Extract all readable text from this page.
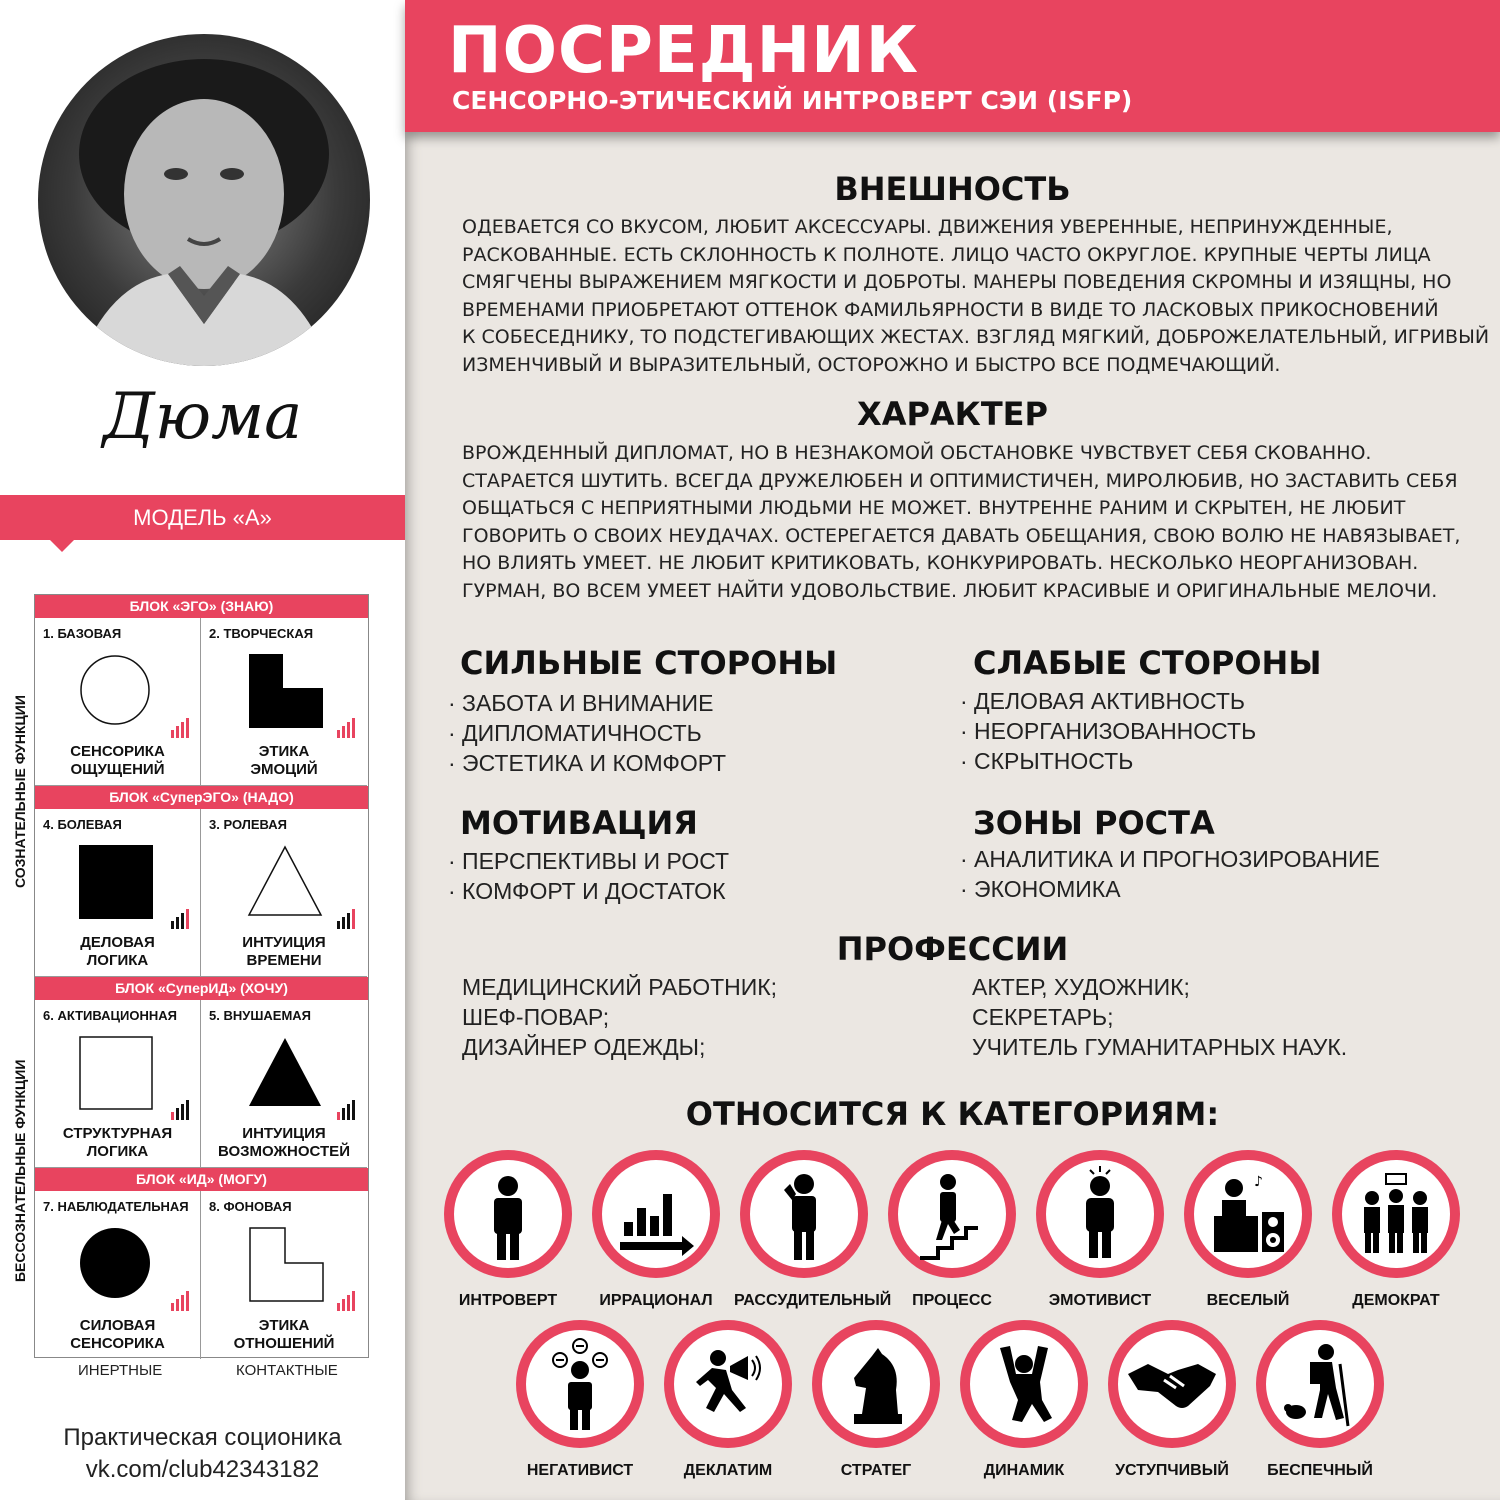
Дюма
МОДЕЛЬ «А»
БЛОК «ЭГО» (ЗНАЮ)
1. БАЗОВАЯ
СЕНСОРИКА
ОЩУЩЕНИЙ
2. ТВОРЧЕСКАЯ
ЭТИКА
ЭМОЦИЙ
БЛОК «СуперЭГО» (НАДО)
4. БОЛЕВАЯ
ДЕЛОВАЯ
ЛОГИКА
3. РОЛЕВАЯ
ИНТУИЦИЯ
ВРЕМЕНИ
БЛОК «СуперИД» (ХОЧУ)
6. АКТИВАЦИОННАЯ
СТРУКТУРНАЯ
ЛОГИКА
5. ВНУШАЕМАЯ
ИНТУИЦИЯ
ВОЗМОЖНОСТЕЙ
БЛОК «ИД» (МОГУ)
7. НАБЛЮДАТЕЛЬНАЯ
СИЛОВАЯ
СЕНСОРИКА
8. ФОНОВАЯ
ЭТИКА
ОТНОШЕНИЙ
СОЗНАТЕЛЬНЫЕ ФУНКЦИИ
БЕССОЗНАТЕЛЬНЫЕ ФУНКЦИИ
ИНЕРТНЫЕ	КОНТАКТНЫЕ
Практическая соционика
vk.com/club42343182
ПОСРЕДНИК
СЕНСОРНО-ЭТИЧЕСКИЙ ИНТРОВЕРТ СЭИ (ISFP)
ВНЕШНОСТЬ
ОДЕВАЕТСЯ СО ВКУСОМ, ЛЮБИТ АКСЕССУАРЫ. ДВИЖЕНИЯ УВЕРЕННЫЕ, НЕПРИНУЖДЕННЫЕ,
РАСКОВАННЫЕ. ЕСТЬ СКЛОННОСТЬ К ПОЛНОТЕ. ЛИЦО ЧАСТО ОКРУГЛОЕ. КРУПНЫЕ ЧЕРТЫ ЛИЦА
СМЯГЧЕНЫ ВЫРАЖЕНИЕМ МЯГКОСТИ И ДОБРОТЫ. МАНЕРЫ ПОВЕДЕНИЯ СКРОМНЫ И ИЗЯЩНЫ, НО
ВРЕМЕНАМИ ПРИОБРЕТАЮТ ОТТЕНОК ФАМИЛЬЯРНОСТИ В ВИДЕ ТО ЛАСКОВЫХ ПРИКОСНОВЕНИЙ
К СОБЕСЕДНИКУ, ТО ПОДСТЕГИВАЮЩИХ ЖЕСТАХ. ВЗГЛЯД МЯГКИЙ, ДОБРОЖЕЛАТЕЛЬНЫЙ, ИГРИВЫЙ
ИЗМЕНЧИВЫЙ И ВЫРАЗИТЕЛЬНЫЙ, ОСТОРОЖНО И БЫСТРО ВСЕ ПОДМЕЧАЮЩИЙ.
ХАРАКТЕР
ВРОЖДЕННЫЙ ДИПЛОМАТ, НО В НЕЗНАКОМОЙ ОБСТАНОВКЕ ЧУВСТВУЕТ СЕБЯ СКОВАННО.
СТАРАЕТСЯ ШУТИТЬ. ВСЕГДА ДРУЖЕЛЮБЕН И ОПТИМИСТИЧЕН, МИРОЛЮБИВ, НО ЗАСТАВИТЬ СЕБЯ
ОБЩАТЬСЯ С НЕПРИЯТНЫМИ ЛЮДЬМИ НЕ МОЖЕТ. ВНУТРЕННЕ РАНИМ И СКРЫТЕН, НЕ ЛЮБИТ
ГОВОРИТЬ О СВОИХ НЕУДАЧАХ. ОСТЕРЕГАЕТСЯ ДАВАТЬ ОБЕЩАНИЯ, СВОЮ ВОЛЮ НЕ НАВЯЗЫВАЕТ,
НО ВЛИЯТЬ УМЕЕТ. НЕ ЛЮБИТ КРИТИКОВАТЬ, КОНКУРИРОВАТЬ. НЕСКОЛЬКО НЕОРГАНИЗОВАН.
ГУРМАН, ВО ВСЕМ УМЕЕТ НАЙТИ УДОВОЛЬСТВИЕ. ЛЮБИТ КРАСИВЫЕ И ОРИГИНАЛЬНЫЕ МЕЛОЧИ.
СИЛЬНЫЕ СТОРОНЫ
· ЗАБОТА И ВНИМАНИЕ
· ДИПЛОМАТИЧНОСТЬ
· ЭСТЕТИКА И КОМФОРТ
СЛАБЫЕ СТОРОНЫ
· ДЕЛОВАЯ АКТИВНОСТЬ
· НЕОРГАНИЗОВАННОСТЬ
· СКРЫТНОСТЬ
МОТИВАЦИЯ
· ПЕРСПЕКТИВЫ И РОСТ
· КОМФОРТ И ДОСТАТОК
ЗОНЫ РОСТА
· АНАЛИТИКА И ПРОГНОЗИРОВАНИЕ
· ЭКОНОМИКА
ПРОФЕССИИ
МЕДИЦИНСКИЙ РАБОТНИК;
ШЕФ-ПОВАР;
ДИЗАЙНЕР ОДЕЖДЫ;
АКТЕР, ХУДОЖНИК;
СЕКРЕТАРЬ;
УЧИТЕЛЬ ГУМАНИТАРНЫХ НАУК.
ОТНОСИТСЯ К КАТЕГОРИЯМ:
ИНТРОВЕРТ	ИРРАЦИОНАЛ	РАССУДИТЕЛЬНЫЙ	ПРОЦЕСС	ЭМОТИВИСТ
♪
ВЕСЕЛЫЙ	ДЕМОКРАТ
НЕГАТИВИСТ	ДЕКЛАТИМ	СТРАТЕГ	ДИНАМИК	УСТУПЧИВЫЙ	БЕСПЕЧНЫЙ
